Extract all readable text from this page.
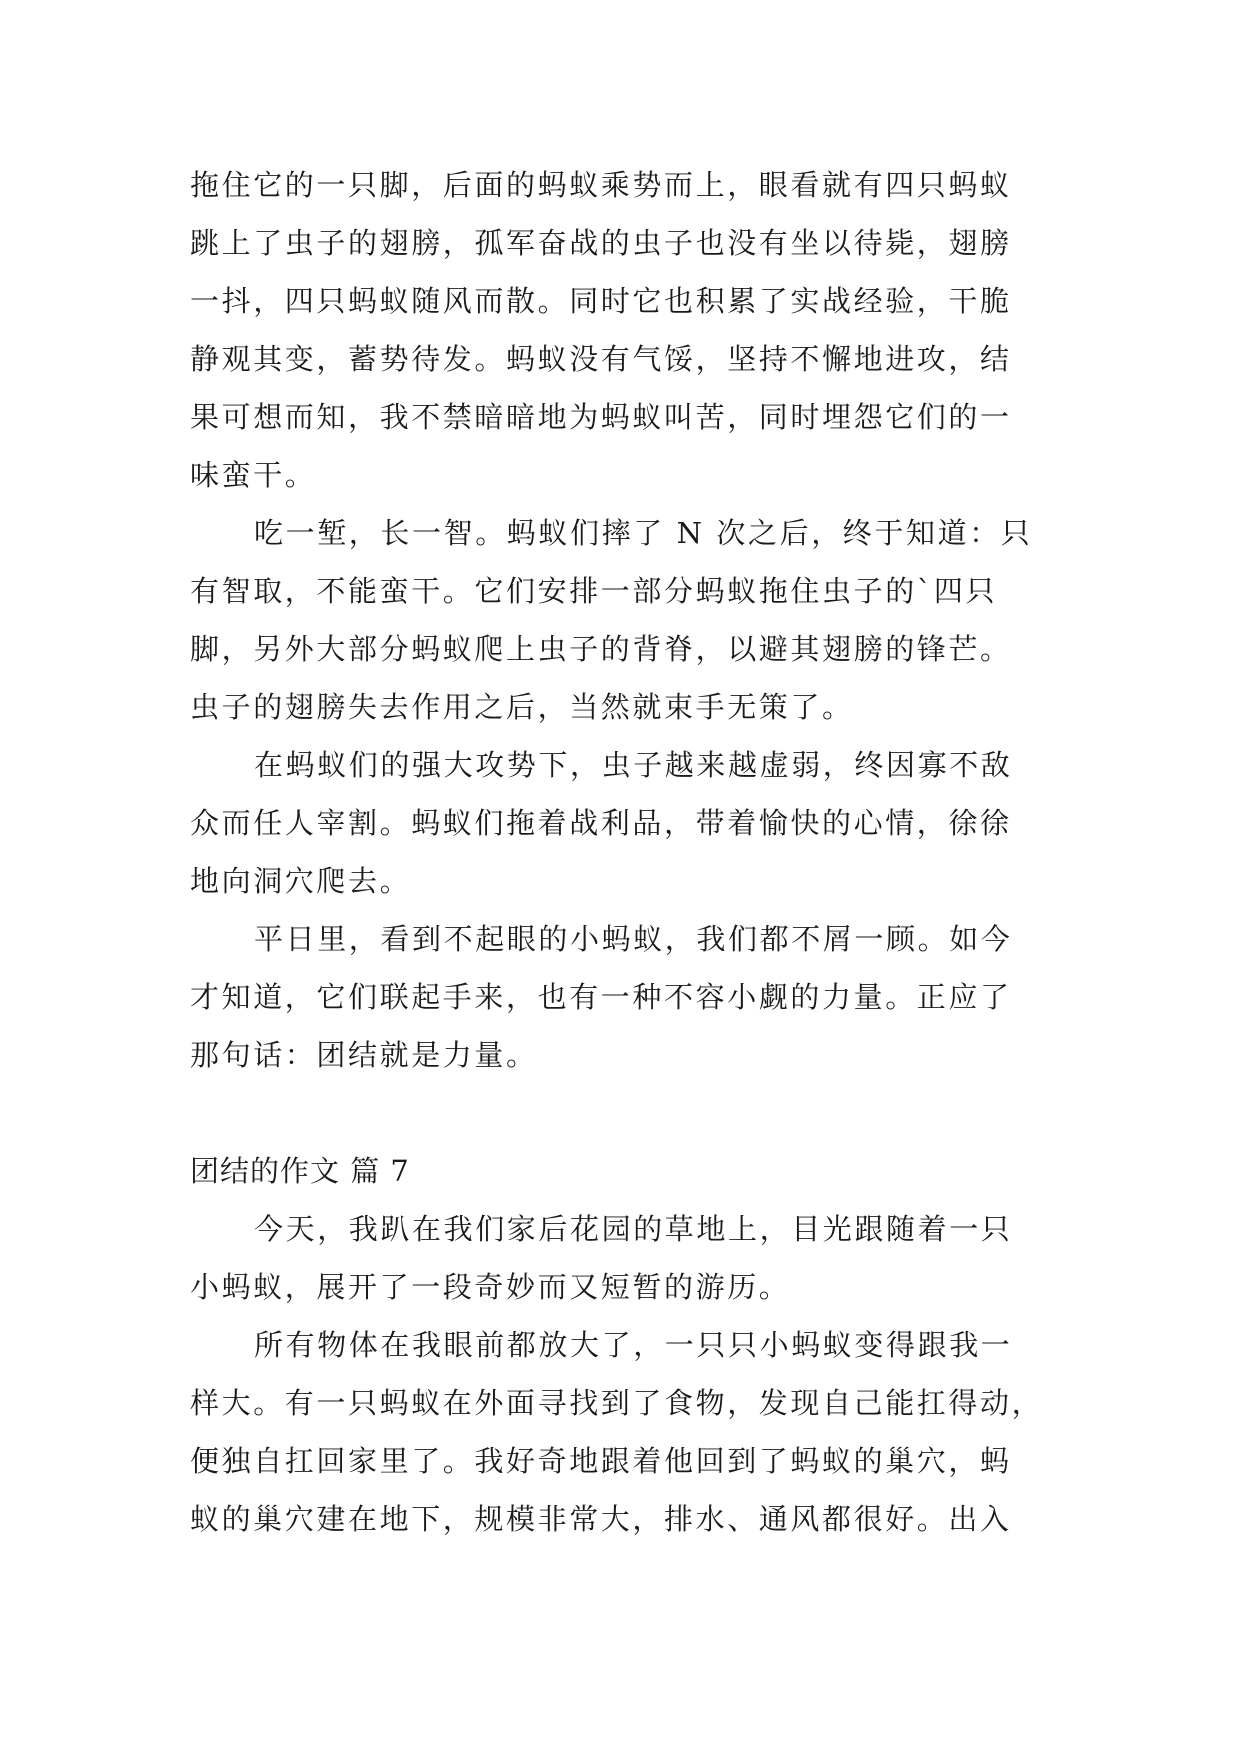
拖住它的一只脚，后面的蚂蚁乘势而上，眼看就有四只蚂蚁
跳上了虫子的翅膀，孤军奋战的虫子也没有坐以待毙，翅膀
一抖，四只蚂蚁随风而散。同时它也积累了实战经验，干脆
静观其变，蓄势待发。蚂蚁没有气馁，坚持不懈地进攻，结
果可想而知，我不禁暗暗地为蚂蚁叫苦，同时埋怨它们的一
味蛮干。
吃一堑，长一智。蚂蚁们摔了 N 次之后，终于知道：只
有智取，不能蛮干。它们安排一部分蚂蚁拖住虫子的`四只
脚，另外大部分蚂蚁爬上虫子的背脊，以避其翅膀的锋芒。
虫子的翅膀失去作用之后，当然就束手无策了。
在蚂蚁们的强大攻势下，虫子越来越虚弱，终因寡不敌
众而任人宰割。蚂蚁们拖着战利品，带着愉快的心情，徐徐
地向洞穴爬去。
平日里，看到不起眼的小蚂蚁，我们都不屑一顾。如今
才知道，它们联起手来，也有一种不容小觑的力量。正应了
那句话：团结就是力量。
团结的作文 篇 7
今天，我趴在我们家后花园的草地上，目光跟随着一只
小蚂蚁，展开了一段奇妙而又短暂的游历。
所有物体在我眼前都放大了，一只只小蚂蚁变得跟我一
样大。有一只蚂蚁在外面寻找到了食物，发现自己能扛得动，
便独自扛回家里了。我好奇地跟着他回到了蚂蚁的巢穴，蚂
蚁的巢穴建在地下，规模非常大，排水、通风都很好。出入
